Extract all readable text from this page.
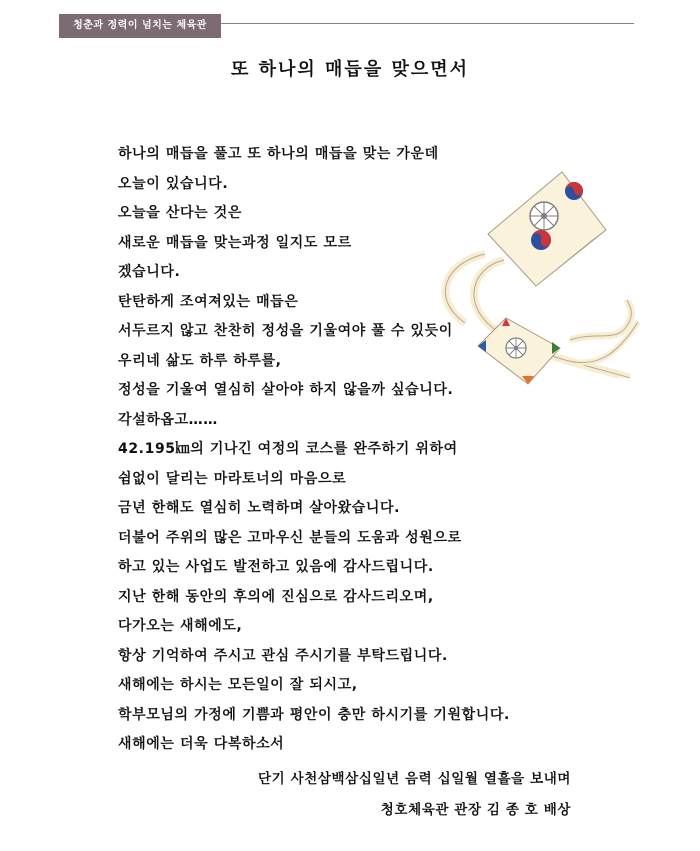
청춘과 정력이 넘치는 체육관
또 하나의 매듭을 맞으면서
하나의 매듭을 풀고 또 하나의 매듭을 맞는 가운데
오늘이 있습니다.
오늘을 산다는 것은
새로운 매듭을 맞는과정 일지도 모르
겠습니다.
탄탄하게 조여져있는 매듭은
서두르지 않고 찬찬히 정성을 기울여야 풀 수 있듯이
우리네 삶도 하루 하루를,
정성을 기울여 열심히 살아야 하지 않을까 싶습니다.
각설하옵고……
42.195㎞의 기나긴 여정의 코스를 완주하기 위하여
쉼없이 달리는 마라토너의 마음으로
금년 한해도 열심히 노력하며 살아왔습니다.
더불어 주위의 많은 고마우신 분들의 도움과 성원으로
하고 있는 사업도 발전하고 있음에 감사드립니다.
지난 한해 동안의 후의에 진심으로 감사드리오며,
다가오는 새해에도,
항상 기억하여 주시고 관심 주시기를 부탁드립니다.
새해에는 하시는 모든일이 잘 되시고,
학부모님의 가정에 기쁨과 평안이 충만 하시기를 기원합니다.
새해에는 더욱 다복하소서
단기 사천삼백삼십일년 음력 십일월 열흘을 보내며
청호체육관 관장 김 종 호 배상
